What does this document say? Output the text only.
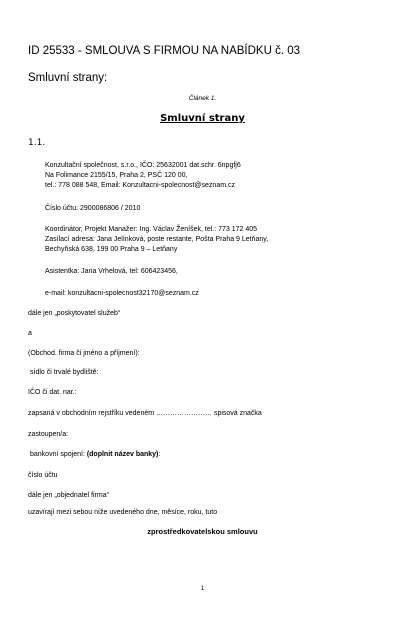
ID 25533 - SMLOUVA S FIRMOU NA NABÍDKU č. 03
Smluvní strany:
Článek 1.
Smluvní strany
1.1.
Konzultační společnost, s.r.o., IČO: 25632001 dat.schr. 6npgfj6
Na Folimance 2155/15, Praha 2, PSČ 120 00,
tel.: 778 088 548, Email: Konzultacni-spolecnost@seznam.cz
Číslo účtu: 2900086806 / 2010
Koordinátor, Projekt Manažer: Ing. Václav Ženíšek, tel.: 773 172 405
Zasílací adresa: Jana Jelínková, poste restante, Pošta Praha 9 Letňany,
Bechyňská 638, 199 00 Praha 9 – Letňany
Asistentka: Jana Vrhelová, tel: 606423456,
e-mail: konzultacni-spolecnost32170@seznam.cz
dále jen „poskytovatel služeb“
a
(Obchod. firma či jméno a příjmení):
sídlo či trvalé bydliště:
IČO či dat. nar.:
zapsaná v obchodním rejstříku vedeném …………………… spisová značka
zastoupen/a:
bankovní spojení: (doplnit název banky):
číslo účtu
dále jen „objednatel firma“
uzavírají mezi sebou níže uvedeného dne, měsíce, roku, tuto
zprostředkovatelskou smlouvu
1
